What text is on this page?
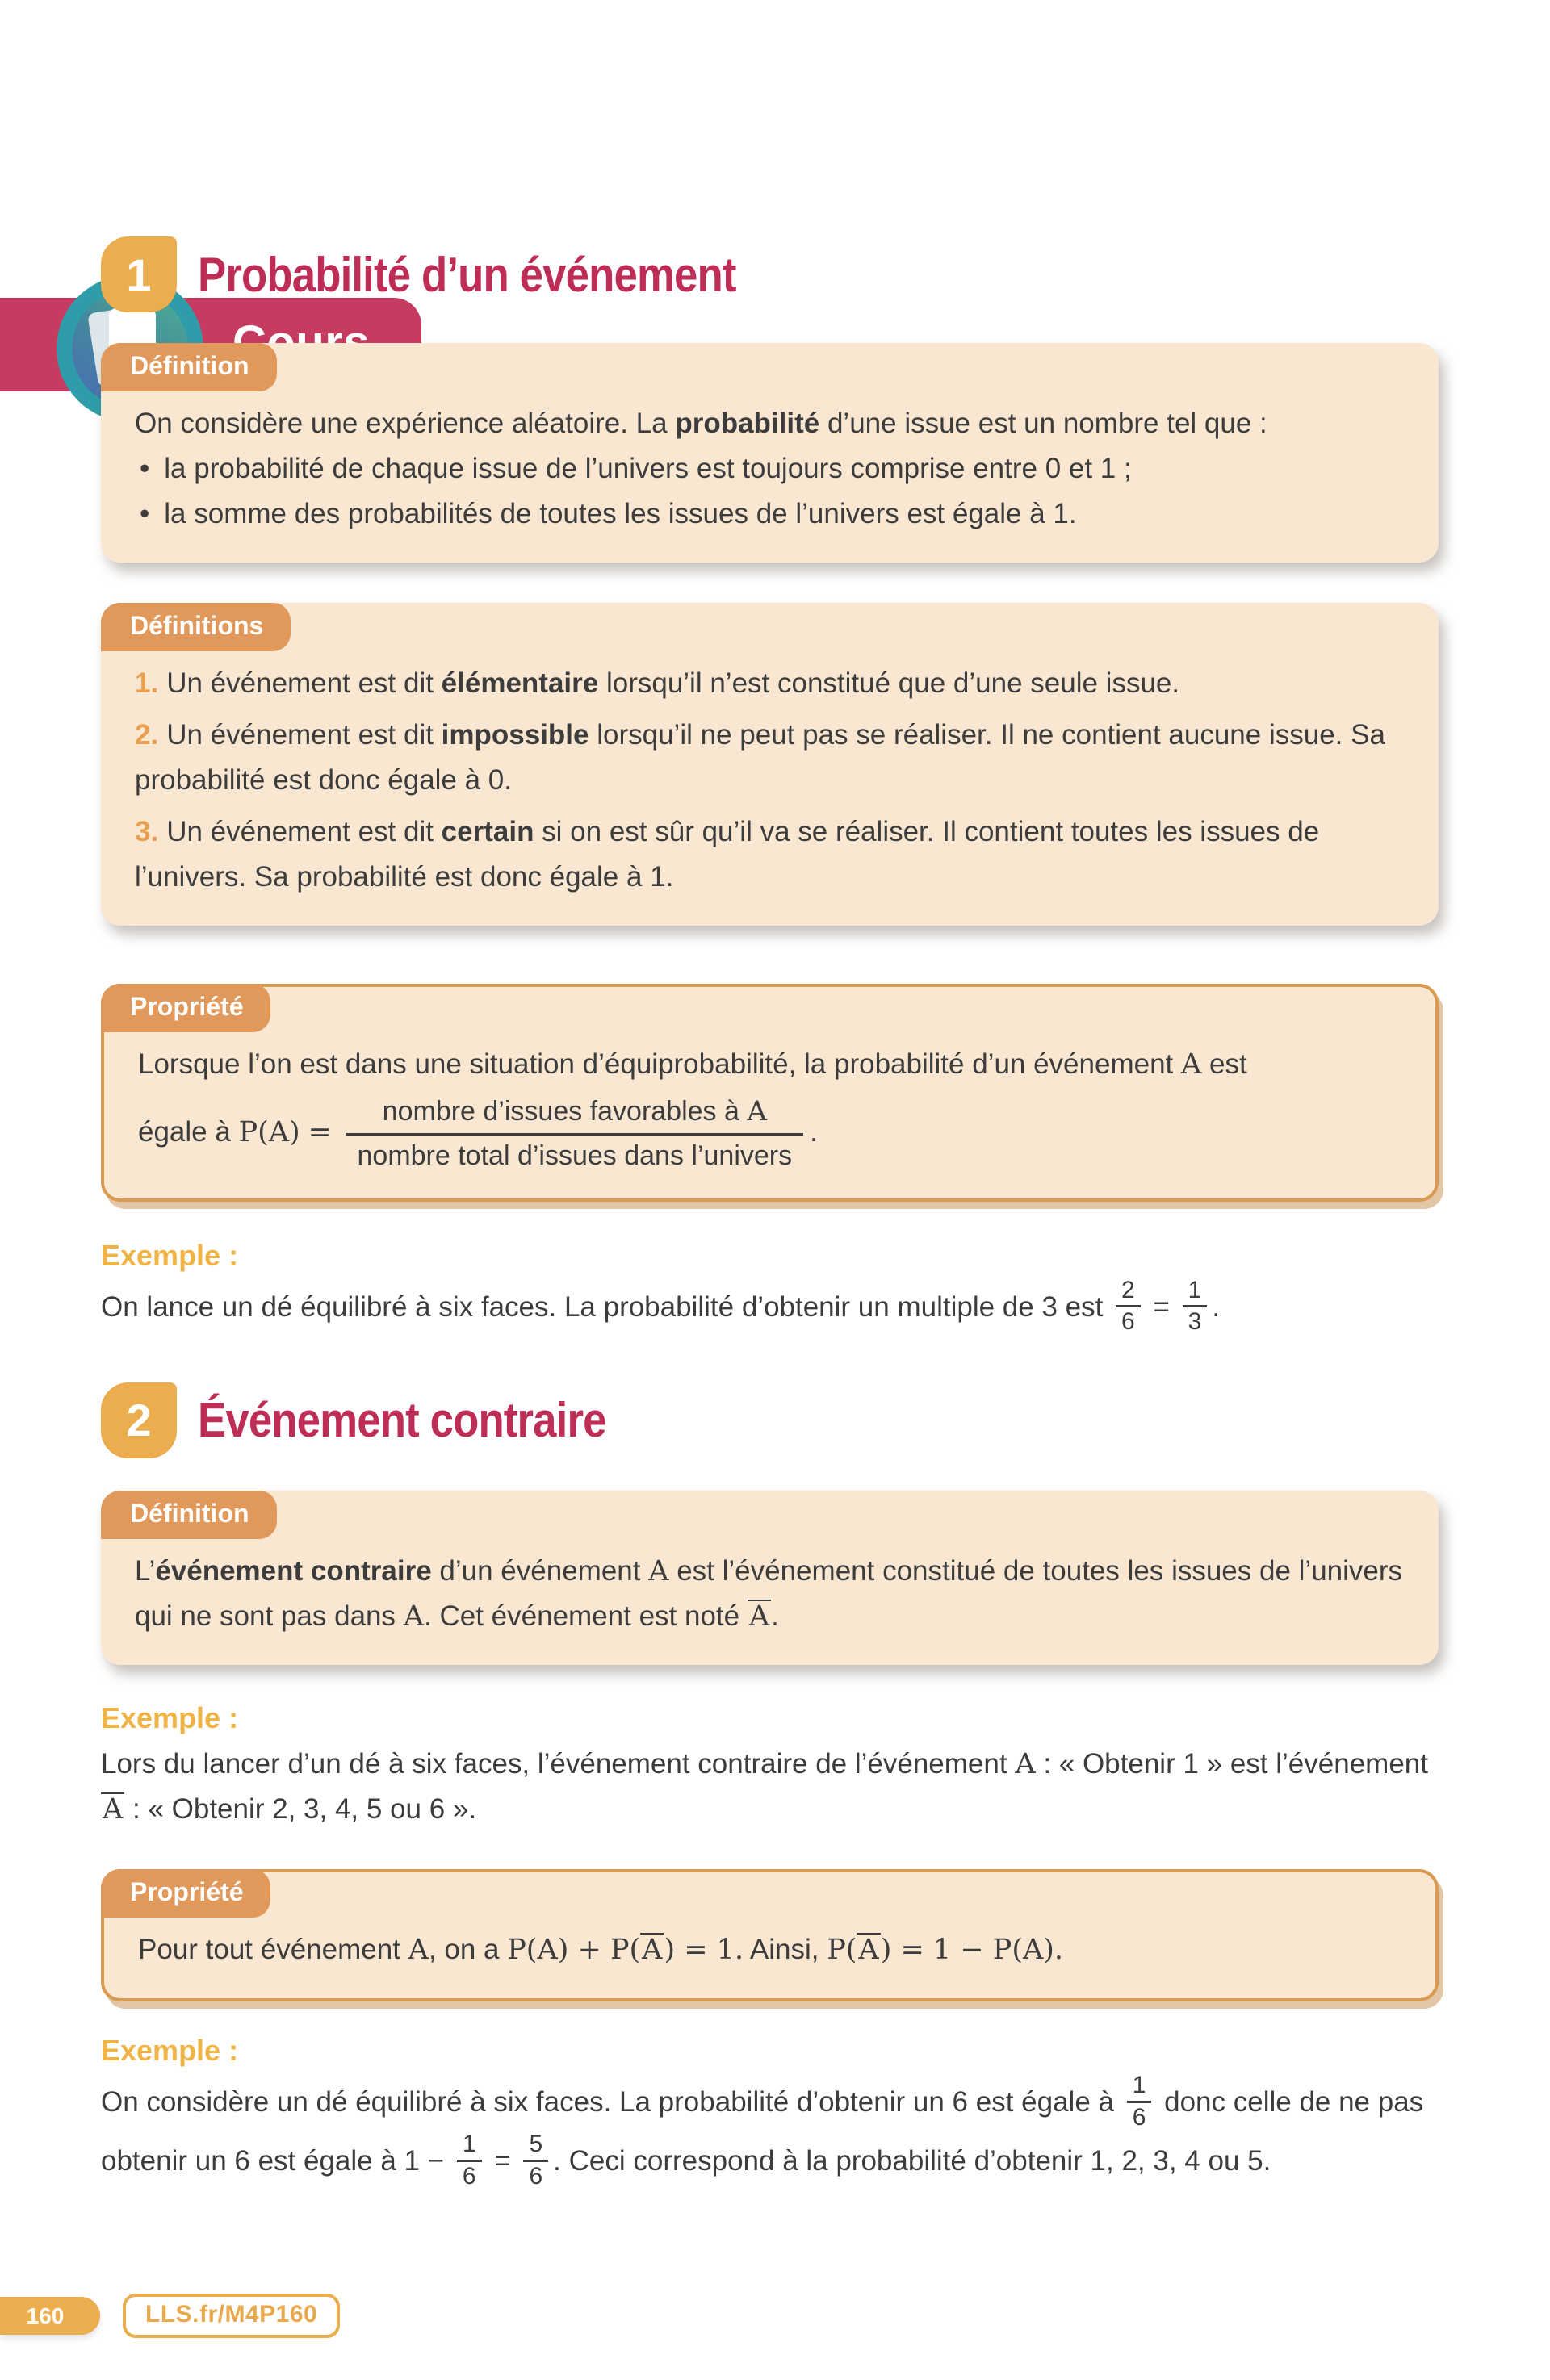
1 Probabilité d’un événement
Définition

On considère une expérience aléatoire. La probabilité d’une issue est un nombre tel que :

• la probabilité de chaque issue de l’univers est toujours comprise entre 0 et 1 ;
• la somme des probabilités de toutes les issues de l’univers est égale à 1.
Définitions

1. Un événement est dit élémentaire lorsqu’il n’est constitué que d’une seule issue.

2. Un événement est dit impossible lorsqu’il ne peut pas se réaliser. Il ne contient aucune issue. Sa probabilité est donc égale à 0.

3. Un événement est dit certain si on est sûr qu’il va se réaliser. Il contient toutes les issues de l’univers. Sa probabilité est donc égale à 1.

Propriété

Lorsque l’on est dans une situation d’équiprobabilité, la probabilité d’un événement A est

égale à P(A) =
nombre d’issues favorables à A
nombre total d’issues dans l’univers
.
Exemple :

On lance un dé équilibré à six faces. La probabilité d’obtenir un multiple de 3 est $\frac{2}{6} = \frac{1}{3}$ .

2 Événement contraire
Définition

L’événement contraire d’un événement A est l’événement constitué de toutes les issues de l’univers qui ne sont pas dans A. Cet événement est noté A.

Exemple :

Lors du lancer d’un dé à six faces, l’événement contraire de l’événement A : « Obtenir 1 » est l’événement A : « Obtenir 2, 3, 4, 5 ou 6 ».

Propriété

Pour tout événement A, on a P(A) + P(A) = 1. Ainsi, P(A) = 1 − P(A).

Exemple :

On considère un dé équilibré à six faces. La probabilité d’obtenir un 6 est égale à $\frac{1}{6}$ donc celle de ne pas obtenir un 6 est égale à $1 - \frac{1}{6} = \frac{5}{6}$ . Ceci correspond à la probabilité d’obtenir 1, 2, 3, 4 ou 5.

160	LLS.fr/M4P160
